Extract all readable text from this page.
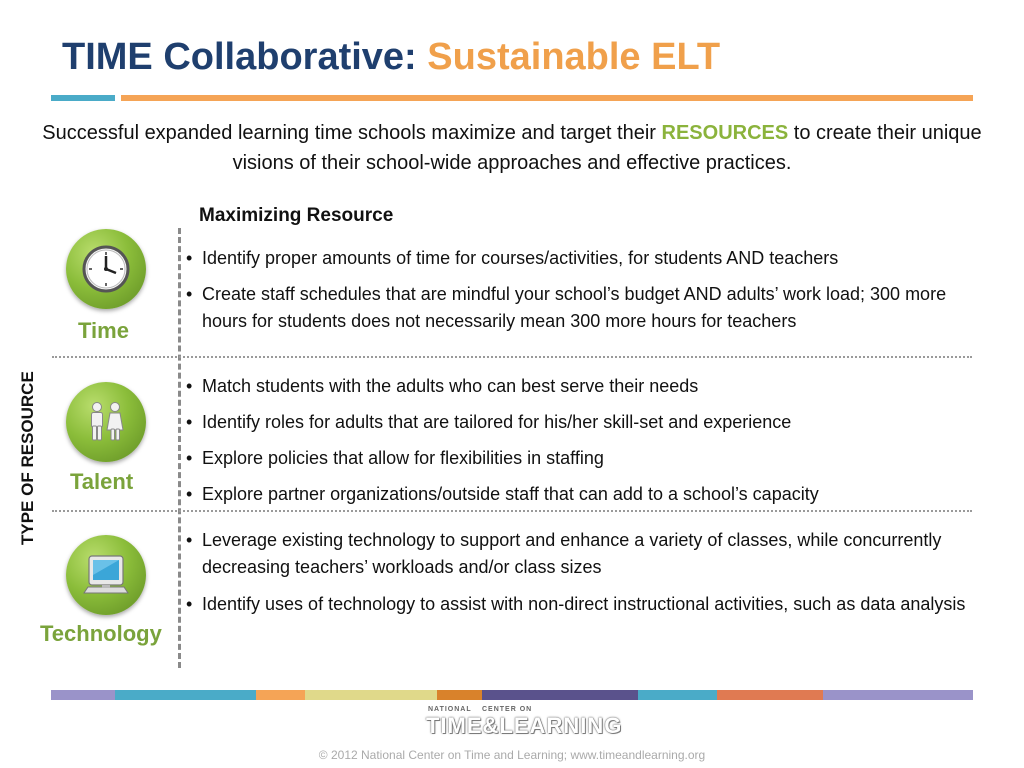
TIME Collaborative: Sustainable ELT
Successful expanded learning time schools maximize and target their RESOURCES to create their unique visions of their school-wide approaches and effective practices.
Maximizing Resource
TYPE OF RESOURCE
Time
Talent
Technology
• Identify proper amounts of time for courses/activities, for students AND teachers
• Create staff schedules that are mindful your school’s budget AND adults’ work load; 300 more hours for students does not necessarily mean 300 more hours for teachers
• Match students with the adults who can best serve their needs
• Identify roles for adults that are tailored for his/her skill-set and experience
• Explore policies that allow for flexibilities in staffing
• Explore partner organizations/outside staff that can add to a school’s capacity
• Leverage existing technology to support and enhance a variety of classes, while concurrently decreasing teachers’ workloads and/or class sizes
• Identify uses of technology to assist with non-direct instructional activities, such as data analysis
NATIONAL CENTER ON
TIME&LEARNING
© 2012 National Center on Time and Learning; www.timeandlearning.org
